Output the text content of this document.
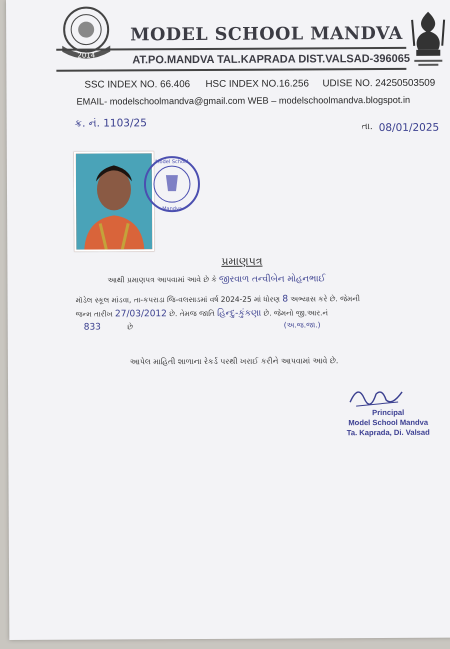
2014
MODEL SCHOOL MANDVA
AT.PO.MANDVA TAL.KAPRADA DIST.VALSAD-396065
SSC INDEX NO. 66.406 HSC INDEX NO.16.256 UDISE NO. 24250503509
EMAIL- modelschoolmandva@gmail.com WEB – modelschoolmandva.blogspot.in
ક્ર. નં. 1103/25	તા. 08/01/2025
Model School
Mandva
પ્રમાણપત્ર
આથી પ્રમાણપત્ર આપવામાં આવે છે કે જીરવાળ તન્વીબેન મોહનભાઈ
મૉડેલ સ્કૂલ માંડવા, તા-કપરાડા જિ-વલસાડમાં વર્ષ 2024-25 માં ધોરણ 8 અભ્યાસ કરે છે. જેમની
જન્મ તારીખ 27/03/2012 છે. તેમજ જાતિ હિન્દુ-કુંકણા છે. જેમનો જી.આર.નં
833	છે	(અ.જ.જા.)
આપેલ માહિતી શાળાના રેકર્ડ પરથી ખરાઈ કરીને આપવામાં આવે છે.
Principal
Model School Mandva
Ta. Kaprada, Di. Valsad
